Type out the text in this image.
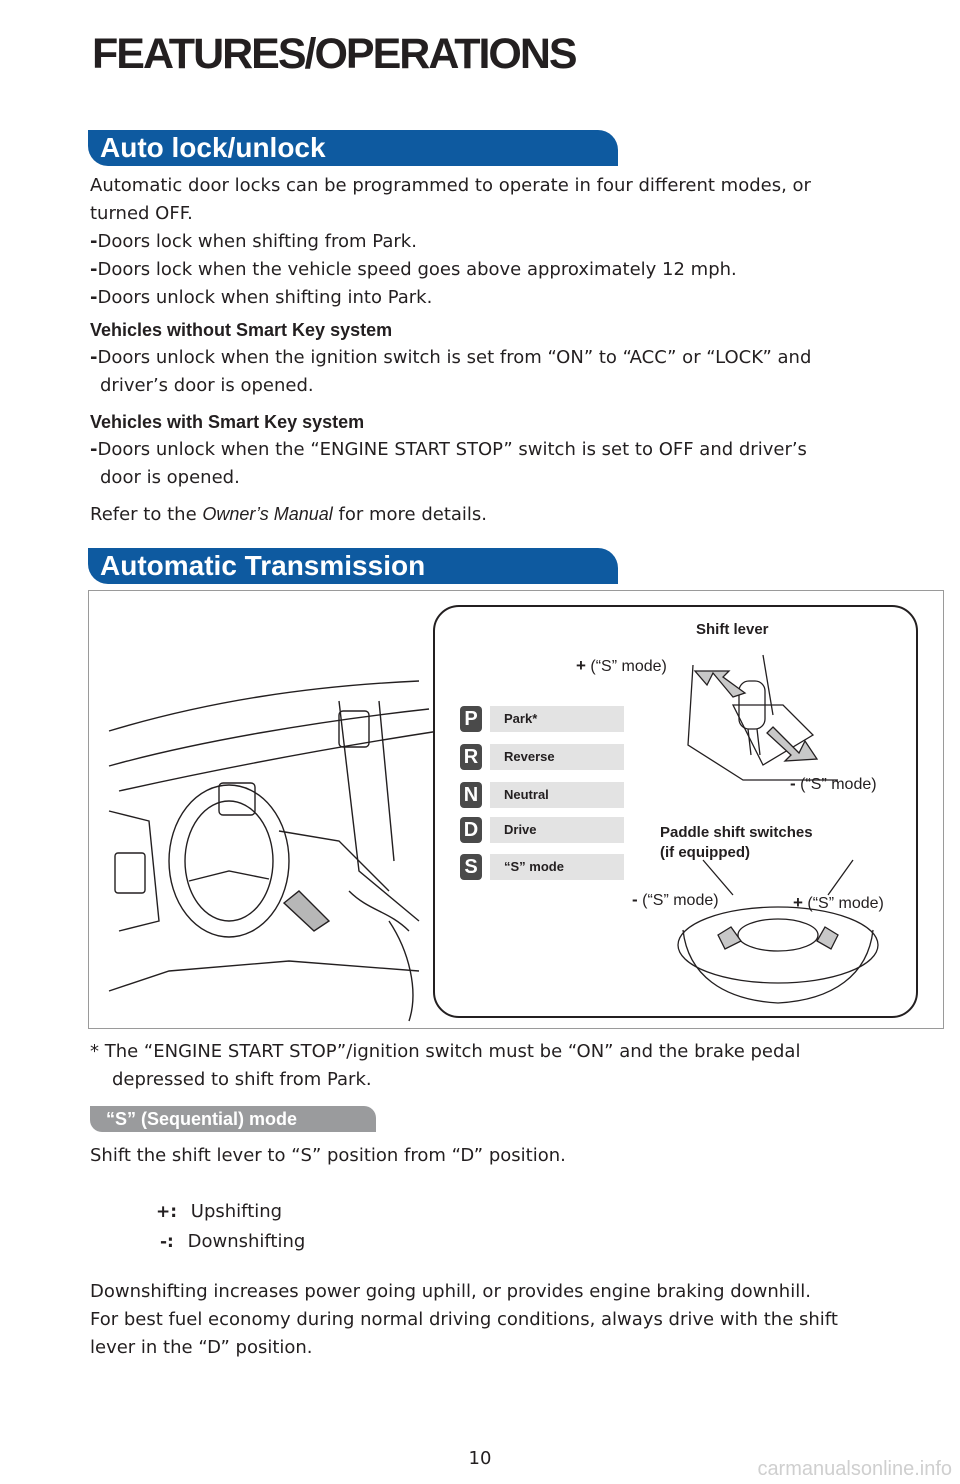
FEATURES/OPERATIONS
Auto lock/unlock
Automatic door locks can be programmed to operate in four different modes, or
turned OFF.
-Doors lock when shifting from Park.
-Doors lock when the vehicle speed goes above approximately 12 mph.
-Doors unlock when shifting into Park.
Vehicles without Smart Key system
-Doors unlock when the ignition switch is set from “ON” to “ACC” or “LOCK” and
driver’s door is opened.
Vehicles with Smart Key system
-Doors unlock when the “ENGINE START STOP” switch is set to OFF and driver’s
door is opened.
Refer to the Owner’s Manual for more details.
Automatic Transmission
P	Park*
R	Reverse
N	Neutral
D	Drive
S	“S” mode
Shift lever
+ (“S” mode)
- (“S” mode)
Paddle shift switches
(if equipped)
- (“S” mode)	+ (“S” mode)
* The “ENGINE START STOP”/ignition switch must be “ON” and the brake pedal
depressed to shift from Park.
“S” (Sequential) mode
Shift the shift lever to “S” position from “D” position.
+: Upshifting
-: Downshifting
Downshifting increases power going uphill, or provides engine braking downhill.
For best fuel economy during normal driving conditions, always drive with the shift
lever in the “D” position.
10	carmanualsonline.info
